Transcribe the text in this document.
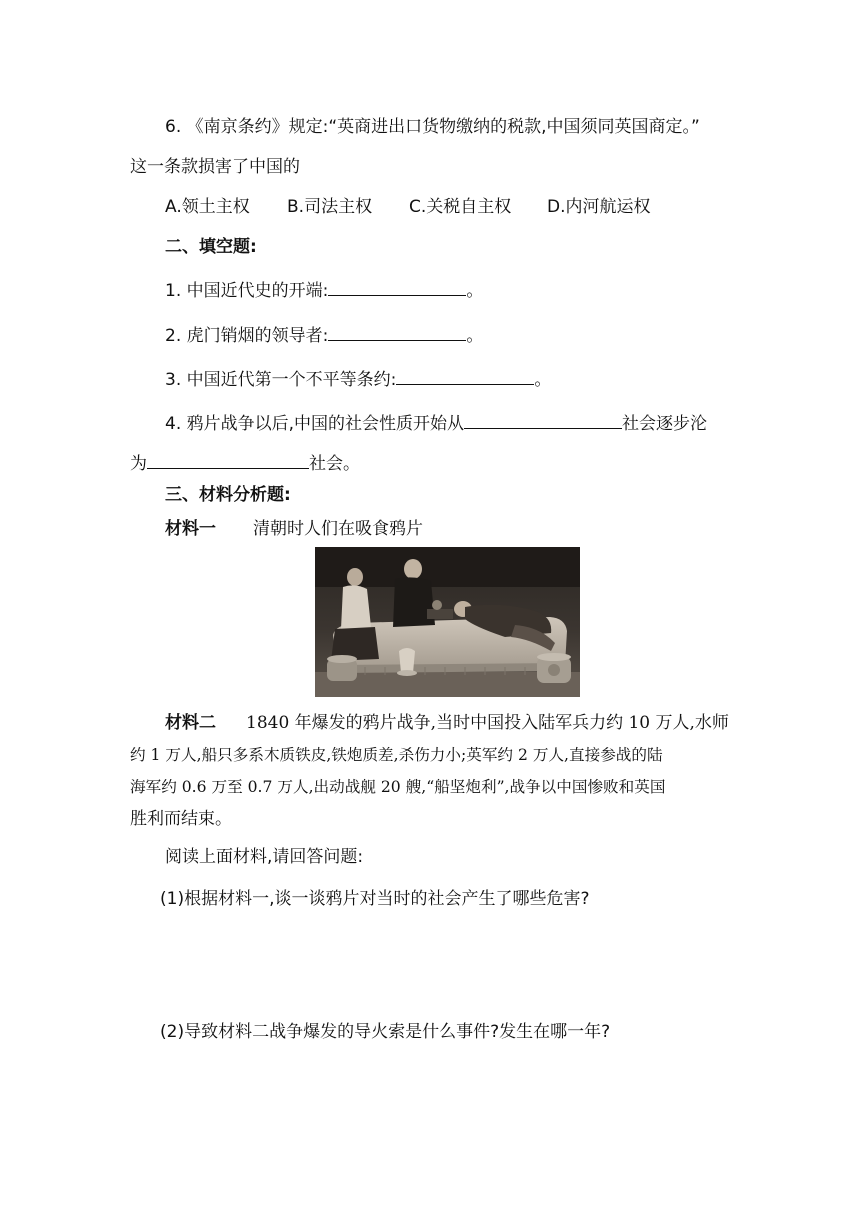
6. 《南京条约》规定:“英商进出口货物缴纳的税款,中国须同英国商定。”
这一条款损害了中国的
A.领土主权 B.司法主权 C.关税自主权 D.内河航运权
二、填空题:
1. 中国近代史的开端:	。
2. 虎门销烟的领导者:	。
3. 中国近代第一个不平等条约:	。
4. 鸦片战争以后,中国的社会性质开始从	社会逐步沦
为	社会。
三、材料分析题:
材料一 清朝时人们在吸食鸦片
材料二 1840 年爆发的鸦片战争,当时中国投入陆军兵力约 10 万人,水师
约 1 万人,船只多系木质铁皮,铁炮质差,杀伤力小;英军约 2 万人,直接参战的陆
海军约 0.6 万至 0.7 万人,出动战舰 20 艘,“船坚炮利”,战争以中国惨败和英国
胜利而结束。
阅读上面材料,请回答问题:
(1)根据材料一,谈一谈鸦片对当时的社会产生了哪些危害?
(2)导致材料二战争爆发的导火索是什么事件?发生在哪一年?
